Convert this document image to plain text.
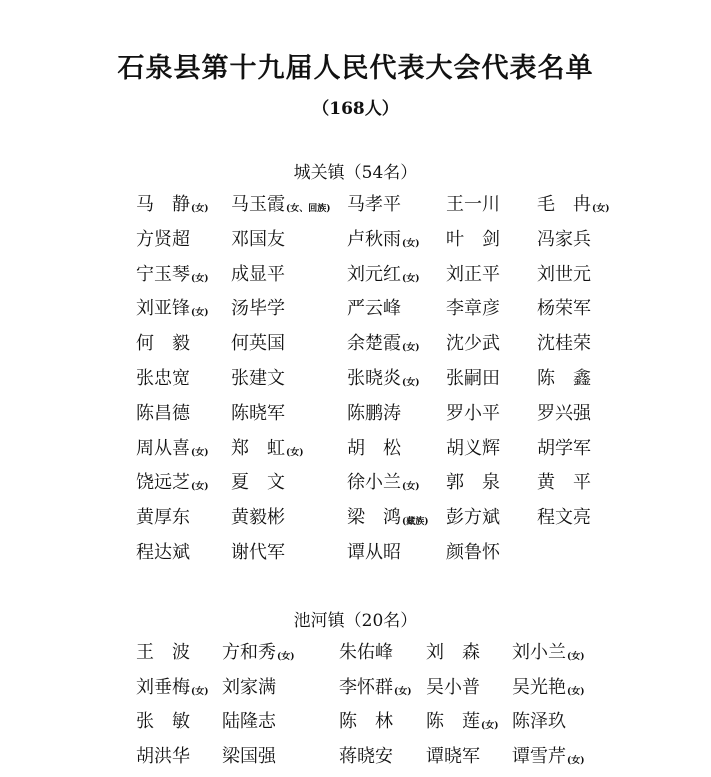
石泉县第十九届人民代表大会代表名单
（168人）
城关镇（54名）
马　静(女) 马玉霞(女、回族) 马孝平	王一川 毛　冉(女)
方贤超 邓国友	卢秋雨(女) 叶　剑 冯家兵
宁玉琴(女) 成显平	刘元红(女) 刘正平 刘世元
刘亚锋(女) 汤毕学	严云峰	李章彦 杨荣军
何　毅 何英国	余楚霞(女) 沈少武 沈桂荣
张忠宽 张建文	张晓炎(女) 张嗣田 陈　鑫
陈昌德 陈晓军	陈鹏涛	罗小平 罗兴强
周从喜(女) 郑　虹(女) 胡　松	胡义辉 胡学军
饶远芝(女) 夏　文	徐小兰(女) 郭　泉 黄　平
黄厚东 黄毅彬	梁　鸿(藏族) 彭方斌 程文亮
程达斌 谢代军	谭从昭	颜鲁怀
池河镇（20名）
王　波 方和秀(女) 朱佑峰 刘　森 刘小兰(女)
刘垂梅(女) 刘家满	李怀群(女) 吴小普 吴光艳(女)
张　敏 陆隆志	陈　林 陈　莲(女) 陈泽玖
胡洪华 梁国强	蒋晓安 谭晓军 谭雪芹(女)
